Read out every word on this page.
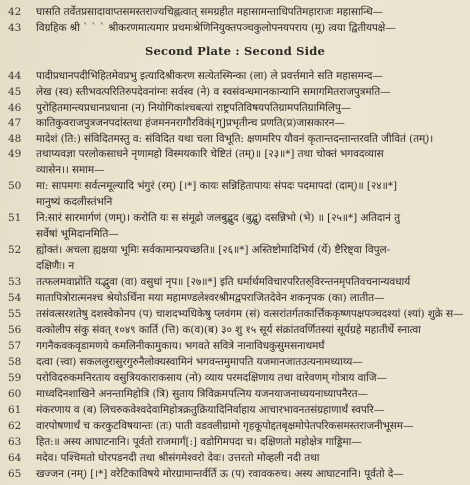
Second Plate : Second Side
42	घासति तर्वेतप्रसादावाप्तसमस्तराज्यचिह्नत्वात् समग्रहीत महासामन्ताधिपतिमहाराजः महासान्धि—
43	विग्रहिक श्री ` ` ` श्रीकरणमात्यमार प्रथमःश्रेणिनियुक्तपञ्चकुलोपनयपराय (मू) त्वया द्वितीयपक्षे—
44	पादीप्रधानपदीभिहितमेवप्रभु इत्यादिश्रीकरण सत्येतस्मिन्का (ला) ले प्रवर्त्तमाने सति महासमन्द—
45	लेख (स्व) स्तीभवत्परितिरुपदेवनांग्नः सर्वस्व (ने) व स्वसंवन्धमानकान्यानि समागमितराजपुत्रमति—
46	पुरोहितमान्त्यप्रधानप्रधाना (न) नियोगिकांश्चबत्यां राष्ट्रपतिविषयपतिग्रामपतिग्रामिलिपु—
47	कातिकुवराजपुत्रजनपदांस्तथा हंजमननरागौरविकं[ग्]प्रभृतीन्च प्रणति(प्र)जासकारन—
48	मादेशं (ति:) संविदितमस्तु व: संविदित यथा चला विभूति: क्षणमरिप यौवनं कृतान्तदन्तान्तरवति जीवितं (तम्)।
49	तथाप्यवज्ञा परलोकसाधने नृणामहो विस्मयकारि चेष्टितं (तम्)॥ [२३॥*] तथा चोक्तं भगवदव्यास
व्यासेन।। समाम—
50	मा: सापमगः सर्वत्नमूल्यादि भंगुरं (रम्) [।*] कायः सन्निहितापायः संपदः पदमापदां (दाम्)॥ [२४॥*]
मानुष्यं कदलीस्तंभनि
51	नि:सारं सारमार्गणं (णम्)। करोति यः स संमूढो जलबुद्बुद (बुद्बु) दसन्निभो (भे) ॥ [२५॥*] अतिदानं तु
सर्वेषां भूमिदानमिति—
52	ह्योक्तं। अचला ह्यक्षया भूमिः सर्वकामान्प्रयच्छति॥ [२६॥*] अस्तिष्टोमादिभिर्य (र्ये) ष्टैरिष्ट्वा विपुल-
दक्षिणैः। न
53	तत्फलमवाप्नोति यद्भुवा (वा) वसुधां नृप॥ [२७॥*] इति धर्मार्थमविचारपरितरु्विरन्तनमृपतिवचनान्यवधार्य
54	मातापित्रोरात्मनश्च श्रेयोऽर्थिना मया महामण्डलेश्वरश्रीमद्वपराजितदेवेन शकनृपक (का) लातीत—
55	तसंवत्सरशतेषु दशस्वेकोनप (प) चाशदभ्यधिकेषु प्लवंगम (सं) वत्सरांतर्गतकार्त्तिककृष्णपक्षपञ्चदश्यां (श्यां) शुक्रे स—
56	वत्कोलीप संकु संवत् १०४९ कार्ति (त्ति) क(व)(ब) ३० शु १५ सूर्य संक्रांतवर्णितस्यां सूर्यग्रहे महातीर्थे स्नात्वा
57	गगनैकवकवृडामणये कमलिनीकामुकाय। भगवते सवित्रे नानाविधकुसुमसनाथमर्घं
58	दत्वा (त्त्वा) सकललुरासुरगुरुनैलोक्यस्वामिनं भगवन्तमुमापति यजमानजातउत्यनामध्याय्य—
59	परोविदरुकमनिरताय वसुत्रियकाराकसाय (नो) व्याय परमदक्षिणाय तथा वारेवणम् गोत्राय वाजि—
60	माध्वदिनशाखिने अनन्तामिहोत्रि (त्रि) सुताय त्रिविक्रमपत्निय यजनयाजनाध्ययनाध्यापनैरत—
61	मंकरणाय व (ब) लिचरुकवेश्वदेवामिहोत्रक्रतुक्रियादिनिर्वाहाय आचारभावनतसंग्रहाणार्थं स्वपरि—
62	वारपोषणार्थं च करकुटविषयान्तः (तः) पाती वडवलीग्रामो गृहकूपोद्दतबृक्षमोपेतपरिकसमस्तराजनीभूसम—
63	हित:॥ अस्य आघाटनानि। पूर्वतो राजमार्गं[:] वडोगिमपदा च। दक्षिणतो महोक्षेत्र गाड्डिमा—
64	मदेव। पश्चिमतो घोरपडनदी तथा श्रीसंगमेश्वरो देवः। उत्तरतो मोव्हली नदी तथा
65	खज्जन (नम्) [।*] वरेटिकाविषये मोरग्रामान्तर्वर्ति ऊ (प) रवावकरुच। अस्य आघाटनानि। पूर्वतो दे—
